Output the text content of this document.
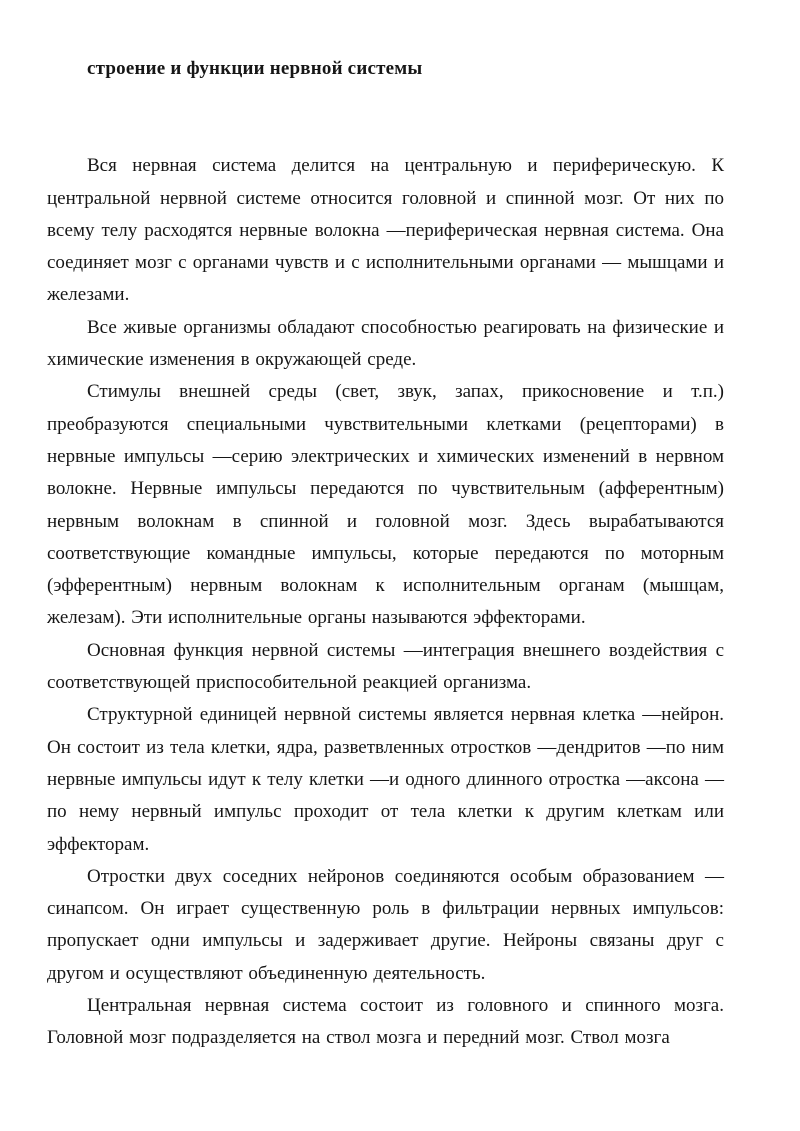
строение и функции нервной системы

Вся нервная система делится на центральную и периферическую. К центральной нервной системе относится головной и спинной мозг. От них по всему телу расходятся нервные волокна —периферическая нервная система. Она соединяет мозг с органами чувств и с исполнительными органами — мышцами и железами.

Все живые организмы обладают способностью реагировать на физические и химические изменения в окружающей среде.

Стимулы внешней среды (свет, звук, запах, прикосновение и т.п.) преобразуются специальными чувствительными клетками (рецепторами) в нервные импульсы —серию электрических и химических изменений в нервном волокне. Нервные импульсы передаются по чувствительным (афферентным) нервным волокнам в спинной и головной мозг. Здесь вырабатываются соответствующие командные импульсы, которые передаются по моторным (эфферентным) нервным волокнам к исполнительным органам (мышцам, железам). Эти исполнительные органы называются эффекторами.

Основная функция нервной системы —интеграция внешнего воздействия с соответствующей приспособительной реакцией организма.

Структурной единицей нервной системы является нервная клетка —нейрон. Он состоит из тела клетки, ядра, разветвленных отростков —дендритов —по ним нервные импульсы идут к телу клетки —и одного длинного отростка —аксона — по нему нервный импульс проходит от тела клетки к другим клеткам или эффекторам.

Отростки двух соседних нейронов соединяются особым образованием — синапсом. Он играет существенную роль в фильтрации нервных импульсов: пропускает одни импульсы и задерживает другие. Нейроны связаны друг с другом и осуществляют объединенную деятельность.

Центральная нервная система состоит из головного и спинного мозга. Головной мозг подразделяется на ствол мозга и передний мозг. Ствол мозга
